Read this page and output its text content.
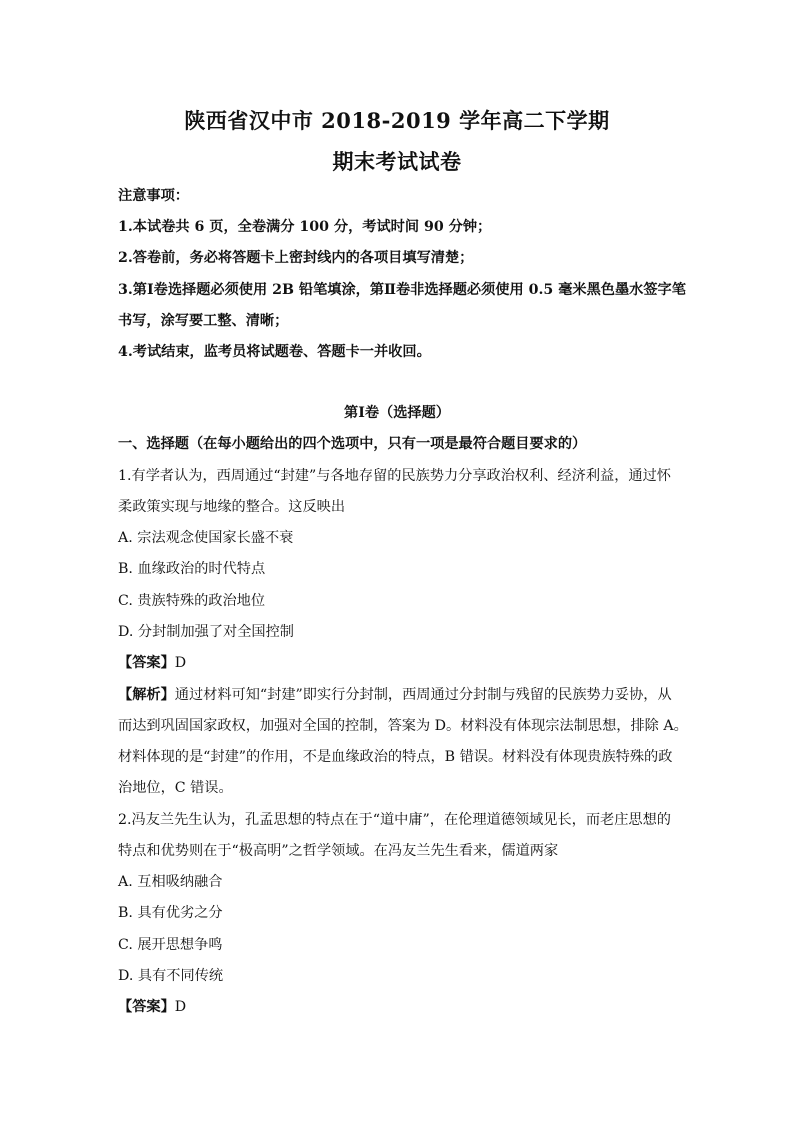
陕西省汉中市 2018-2019 学年高二下学期
期末考试试卷
注意事项：
1.本试卷共 6 页，全卷满分 100 分，考试时间 90 分钟；
2.答卷前，务必将答题卡上密封线内的各项目填写清楚；
3.第Ⅰ卷选择题必须使用 2B 铅笔填涂，第Ⅱ卷非选择题必须使用 0.5 毫米黑色墨水签字笔
书写，涂写要工整、清晰；
4.考试结束，监考员将试题卷、答题卡一并收回。
第Ⅰ卷（选择题）
一、选择题（在每小题给出的四个选项中，只有一项是最符合题目要求的）
1.有学者认为，西周通过“封建”与各地存留的民族势力分享政治权利、经济利益，通过怀
柔政策实现与地缘的整合。这反映出
A. 宗法观念使国家长盛不衰
B. 血缘政治的时代特点
C. 贵族特殊的政治地位
D. 分封制加强了对全国控制
【答案】D
【解析】通过材料可知“封建”即实行分封制，西周通过分封制与残留的民族势力妥协，从
而达到巩固国家政权，加强对全国的控制，答案为 D。材料没有体现宗法制思想，排除 A。
材料体现的是“封建”的作用，不是血缘政治的特点，B 错误。材料没有体现贵族特殊的政
治地位，C 错误。
2.冯友兰先生认为，孔孟思想的特点在于“道中庸”，在伦理道德领域见长，而老庄思想的
特点和优势则在于“极高明”之哲学领域。在冯友兰先生看来，儒道两家
A. 互相吸纳融合
B. 具有优劣之分
C. 展开思想争鸣
D. 具有不同传统
【答案】D
